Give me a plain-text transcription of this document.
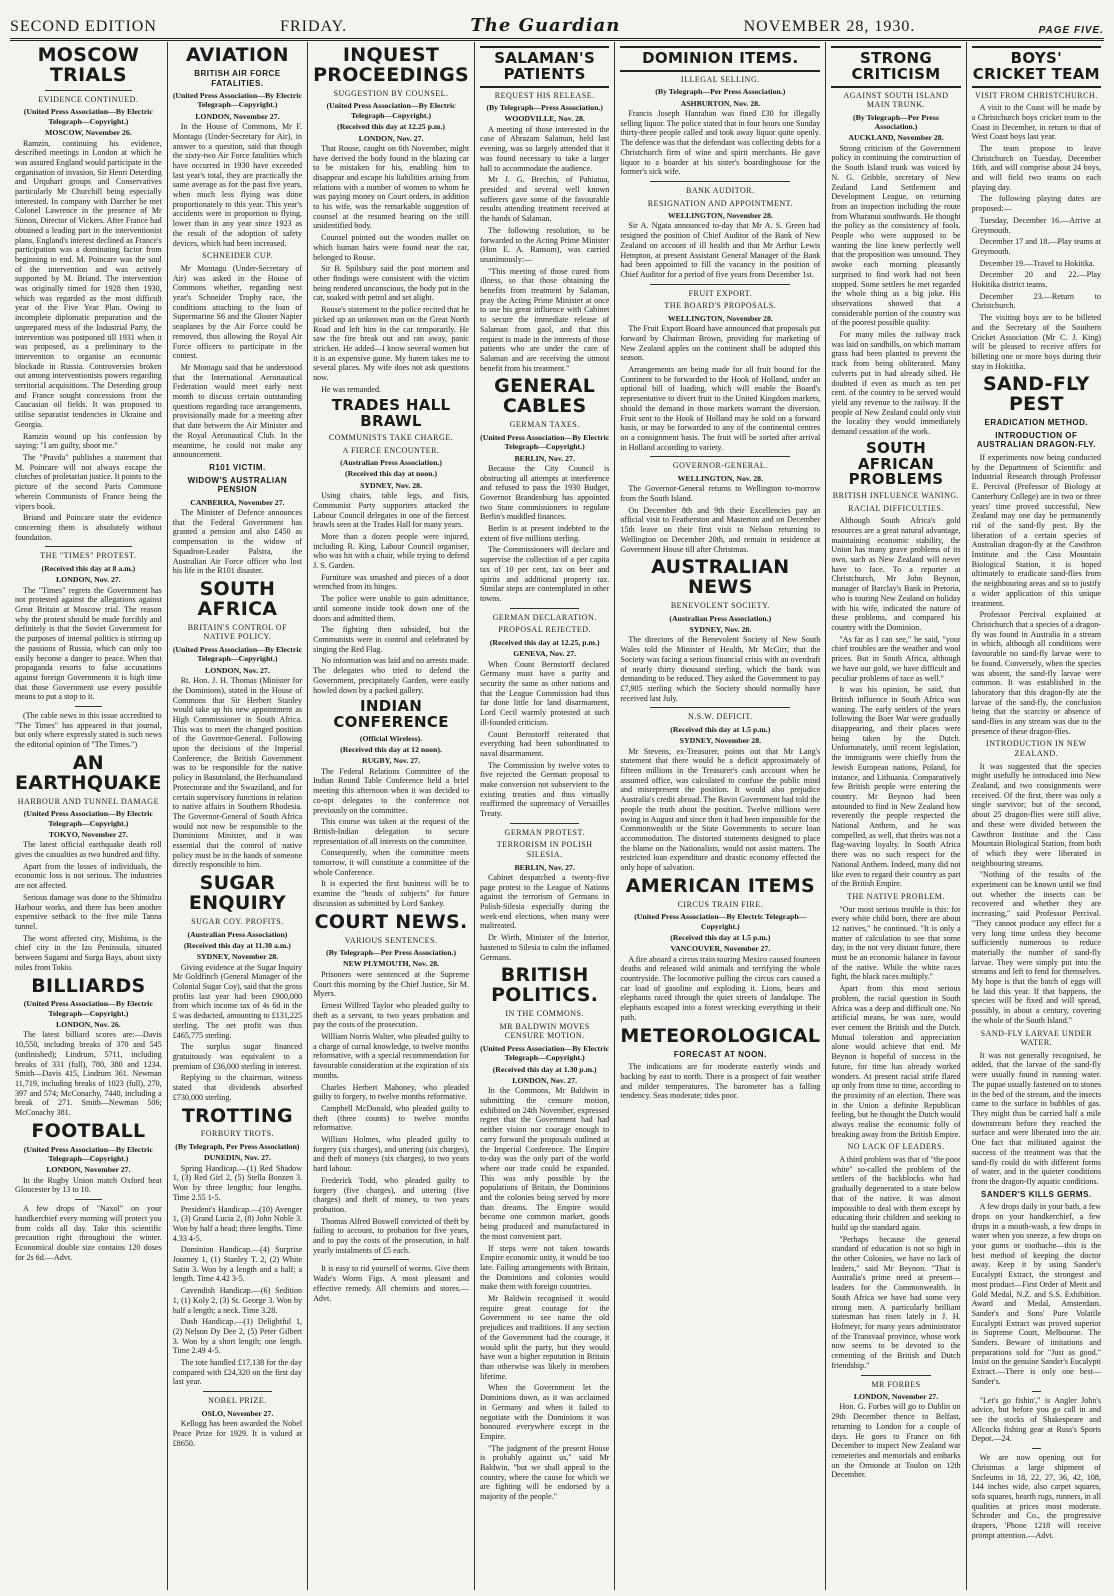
SECOND EDITION	FRIDAY.	The Guardian	NOVEMBER 28, 1930.	PAGE FIVE.
MOSCOW TRIALS
EVIDENCE CONTINUED.
(United Press Association—By Electric Telegraph—Copyright.)
MOSCOW, November 26.

Ramzin, continuing his evidence, described meetings in London at which he was assured England would participate in the organisation of invasion, Sir Henri Deterding and Urquhart groups and Conservatives particularly Mr Churchill being especially interested. In company with Darcher he met Colonel Lawrence in the presence of Mr Simon, Director of Vickers. After France had obtained a leading part in the interventionist plans, England's interest declined as France's participation was a dominating factor from beginning to end. M. Poincare was the soul of the intervention and was actively supported by M. Briand. The intervention was originally timed for 1928 then 1930, which was regarded as the most difficult year of the Five Year Plan. Owing to incomplete diplomatic preparation and the unprepared mess of the Industrial Party, the intervention was postponed till 1931 when it was proposed, as a preliminary to the intervention to organise an economic blockade in Russia. Controversies broken out among interventionists powers regarding territorial acquisitions. The Deterding group and France sought concessions from the Caucasian oil fields. It was proposed to utilise separatist tendencies in Ukraine and Georgia.

Ramzin wound up his confession by saying: "I am guilty, shoot me."

The "Pravda" publishes a statement that M. Poincare will not always escape the clutches of proletarian justice. It points to the picture of the second Paris Commune wherein Communists of France being the vipers book.

Briand and Poincare state the evidence concerning them is absolutely without foundation.

THE "TIMES" PROTEST.
(Received this day at 8 a.m.)
LONDON, Nov. 27.

The "Times" regrets the Government has not protested against the allegations against Great Britain at Moscow trial. The reason why the protest should be made forcibly and definitely is that the Soviet Government for the purposes of internal politics is stirring up the passions of Russia, which can only too easily become a danger to peace. When that propaganda resorts to false accusations against foreign Governments it is high time that those Government use every possible means to put a stop to it.

(The cable news in this issue accredited to "The Times" has appeared in that journal, but only where expressly stated is such news the editorial opinion of "The Times.")

AN EARTHQUAKE
HARBOUR AND TUNNEL DAMAGE
(United Press Association—By Electric Telegraph—Copyright.)
TOKYO, November 27.

The latest official earthquake death roll gives the casualties as two hundred and fifty.

Apart from the losses of individuals, the economic loss is not serious. The industries are not affected.

Serious damage was done to the Shimidzu Harbour works, and there has been another expensive setback to the five mile Tanna tunnel.

The worst affected city, Mishima, is the chief city in the Izu Peninsula, situated between Sagami and Surga Bays, about sixty miles from Tokio.

BILLIARDS
(United Press Association—By Electric Telegraph—Copyright.)
LONDON, Nov. 26.

The latest billiard scores are:—Davis 10,550, including breaks of 370 and 545 (unfinished); Lindrum, 5711, including breaks of 331 (full), 780, 380 and 1234. Smith—Davis 415, Lindrum 361. Newman 11,719, including breaks of 1023 (full), 270, 397 and 574; McConachy, 7440, including a break of 271. Smith—Newman 506; McConachy 381.

FOOTBALL
(United Press Association—By Electric Telegraph—Copyright.)
LONDON, November 27.

In the Rugby Union match Oxford beat Gloucester by 13 to 10.

A few drops of "Naxol" on your handkerchief every morning will protect you from colds all day. Take this scientific precaution right throughout the winter. Economical double size contains 120 doses for 2s 6d.—Advt.

AVIATION
BRITISH AIR FORCE FATALITIES.
(United Press Association—By Electric Telegraph—Copyright.)
LONDON, November 27.

In the House of Commons, Mr F. Montagu (Under-Secretary for Air), in answer to a question, said that though the sixty-two Air Force fatalities which have occurred in 1930 have exceeded last year's total, they are practically the same average as for the past five years, when much less flying was done proportionately to this year. This year's accidents were in proportion to flying, lower than in any year since 1923 as the result of the adoption of safety devices, which had been increased.

SCHNEIDER CUP.

Mr Montagu (Under-Secretary of Air) was asked in the House of Commons whether, regarding next year's Schneider Trophy race, the conditions attaching to the loan of Supermarine S6 and the Gloster Napier seaplanes by the Air Force could be removed, thus allowing the Royal Air Force officers to participate in the contest.

Mr Montagu said that he understood that the International Aeronautical Federation would meet early next month to discuss certain outstanding questions regarding race arrangements, provisionally made for a meeting after that date between the Air Minister and the Royal Aeronautical Club. In the meantime, he could not make any announcement.

R101 VICTIM.
WIDOW'S AUSTRALIAN PENSION
CANBERRA, November 27.

The Minister of Defence announces that the Federal Government has granted a pension and also £450 as compensation to the widow of Squadron-Leader Palstra, the Australian Air Force officer who lost his life in the R101 disaster.

SOUTH AFRICA
BRITAIN'S CONTROL OF NATIVE POLICY.
(United Press Association—By Electric Telegraph—Copyright.)
LONDON, Nov. 27.

Rt. Hon. J. H. Thomas (Minister for the Dominions), stated in the House of Commons that Sir Herbert Stanley would take up his new appointment as High Commissioner in South Africa. This was to meet the changed position of the Governor-General. Following upon the decisions of the Imperial Conference, the British Government was to be responsible for the native policy in Basutoland, the Bechuanaland Protectorate and the Swaziland, and for certain supervisory functions in relation to native affairs in Southern Rhodesia. The Governor-General of South Africa would not now be responsible to the Dominions Minister, and it was essential that the control of native policy must be in the hands of someone directly responsible to him.

SUGAR ENQUIRY
SUGAR COY. PROFITS.
(Australian Press Association)
(Received this day at 11.30 a.m.)
SYDNEY, November 28.

Giving evidence at the Sugar Inquiry Mr Goldfinch (General Manager of the Colonial Sugar Coy), said that the gross profits last year had been £900,000 from which income tax of 4s 6d in the £ was deducted, amounting to £131,225 sterling. The net profit was thus £465,775 sterling.

The surplus sugar financed gratuitously was equivalent to a premium of £36,000 sterling in interest.

Replying to the chairman, witness stated that dividends absorbed £730,000 sterling.

TROTTING
FORBURY TROTS.
(By Telegraph, Per Press Association)
DUNEDIN, Nov. 27.

Spring Handicap.—(1) Red Shadow 1, (3) Red Girl 2, (5) Stella Bonzen 3. Won by three lengths; four lengths. Time 2.55 1-5.

President's Handicap.—(10) Avenger 1, (3) Grand Lucia 2, (8) John Noble 3. Won by half a head; three lengths. Time 4.33 4-5.

Dominion Handicap.—(4) Surprise Journey 1, (1) Stanley T. 2, (2) White Satin 3. Won by a length and a half; a length. Time 4.42 3-5.

Cavendish Handicap.—(6) Sedition 1, (1) Koly 2, (3) St. George 3. Won by half a length; a neck. Time 3.28.

Dash Handicap.—(1) Delightful 1, (2) Nelson Dy Dee 2, (5) Peter Gilbert 3. Won by a short length; one length. Time 2.49 4-5.

The tote handled £17,138 for the day compared with £24,320 on the first day last year.

NOBEL PRIZE.
OSLO, November 27.

Kellogg has been awarded the Nobel Peace Prize for 1929. It is valued at £8650.

INQUEST PROCEEDINGS
SUGGESTION BY COUNSEL.
(United Press Association—By Electric Telegraph—Copyright.)
(Received this day at 12.25 p.m.)
LONDON, Nov. 27.

That Rouse, caught on 6th November, might have derived the body found in the blazing car to be mistaken for his, enabling him to disappear and escape his liabilities arising from relations with a number of women to whom he was paying money on Court orders, in addition to his wife, was the remarkable suggestion of counsel at the resumed hearing on the still unidentified body.

Counsel pointed out the wooden mallet on which human hairs were found near the car, belonged to Rouse.

Sir B. Spilsbury said the post mortem and other findings were consistent with the victim being rendered unconscious, the body put in the car, soaked with petrol and set alight.

Rouse's statement to the police recited that he picked up an unknown man on the Great North Road and left him in the car temporarily. He saw the fire break out and ran away, panic stricken. He added—I know several women but it is an expensive game. My harem takes me to several places. My wife does not ask questions now.

He was remanded.

TRADES HALL BRAWL
COMMUNISTS TAKE CHARGE.
A FIERCE ENCOUNTER.
(Australian Press Association.)
(Received this day at noon.)
SYDNEY, Nov. 28.

Using chairs, table legs, and fists, Communist Party supporters attacked the Labour Council delegates in one of the fiercest brawls seen at the Trades Hall for many years.

More than a dozen people were injured, including R. King, Labour Council organiser, who was hit with a chair, while trying to defend J. S. Garden.

Furniture was smashed and pieces of a door wrenched from its hinges.

The police were unable to gain admittance, until someone inside took down one of the doors and admitted them.

The fighting then subsided, but the Communists were in control and celebrated by singing the Red Flag.

No information was laid and no arrests made. The delegates who tried to defend the Government, precipitately Garden, were easily howled down by a packed gallery.

INDIAN CONFERENCE
(Official Wireless).
(Received this day at 12 noon).
RUGBY, Nov. 27.

The Federal Relations Committee of the Indian Round Table Conference held a brief meeting this afternoon when it was decided to co-opt delegates to the conference not previously on the committee.

This course was taken at the request of the British-Indian delegation to secure representation of all interests on the committee.

Consequently, when the committee meets tomorrow, it will constitute a committee of the whole Conference.

It is expected the first business will be to examine the "heads of subjects" for future discussion as submitted by Lord Sankey.

COURT NEWS.
VARIOUS SENTENCES.
(By Telegraph—Per Press Association.)
NEW PLYMOUTH, Nov. 28.

Prisoners were sentenced at the Supreme Court this morning by the Chief Justice, Sir M. Myers.

Ernest Wilfred Taylor who pleaded guilty to theft as a servant, to two years probation and pay the costs of the prosecution.

William Norris Walter, who pleaded guilty to a charge of carnal knowledge, to twelve months reformative, with a special recommendation for favourable consideration at the expiration of six months.

Charles Herbert Mahoney, who pleaded guilty to forgery, to twelve months reformative.

Campbell McDonald, who pleaded guilty to theft (three counts) to twelve months reformative.

William Holmes, who pleaded guilty to forgery (six charges), and uttering (six charges), and theft of moneys (six charges), to two years hard labour.

Frederick Todd, who pleaded guilty to forgery (five charges), and uttering (five charges) and theft of money, to two years probation.

Thomas Alfred Boswell convicted of theft by failing to account, to probation for five years, and to pay the costs of the prosecution, in half yearly instalments of £5 each.

It is easy to rid yourself of worms. Give them Wade's Worm Figs. A most pleasant and effective remedy. All chemists and stores.—Advt.

SALAMAN'S PATIENTS
REQUEST HIS RELEASE.
(By Telegraph—Press Association.)
WOODVILLE, Nov. 28.

A meeting of those interested in the case of Abrazam Salaman, held last evening, was so largely attended that it was found necessary to take a larger hall to accommodate the audience.

Mr J. G. Brechin, of Pahiatua, presided and several well known sufferers gave some of the favourable results attending treatment received at the hands of Salaman.

The following resolution, to be forwarded to the Acting Prime Minister (Hon E. A. Ransom), was carried unanimously:—

"This meeting of those cured from illness, so that those obtaining the benefits from treatment by Salaman, pray the Acting Prime Minister at once to use his great influence with Cabinet to secure the immediate release of Salaman from gaol, and that this request is made in the interests of those patients who are under the care of Salaman and are receiving the utmost benefit from his treatment."

GENERAL CABLES
GERMAN TAXES.
(United Press Association—By Electric Telegraph—Copyright.)
BERLIN, Nov. 27.

Because the City Council is obstructing all attempts at interference and refused to pass the 1930 Budget, Governor Brandenburg has appointed two State commissioners to regulate Berlin's muddled finances.

Berlin is at present indebted to the extent of five millions sterling.

The Commissioners will declare and supervise the collection of a per capita tax of 10 per cent, tax on beer and spirits and additional property tax. Similar steps are contemplated in other towns.

GERMAN DECLARATION.
PROPOSAL REJECTED.
(Received this day at 12.25, p.m.)
GENEVA, Nov. 27.

When Count Bernstorff declared Germany must have a parity and security the same as other nations and that the League Commission had thus far done little for land disarmament, Lord Cecil warmly protested at such ill-founded criticism.

Count Bernstorff reiterated that everything had been subordinated to naval disarmament.

The Commission by twelve votes to five rejected the German proposal to make conversion not subservient to the existing treaties and thus virtually reaffirmed the supremacy of Versailles Treaty.

GERMAN PROTEST.
TERRORISM IN POLISH SILESIA.
BERLIN, Nov. 27.

Cabinet despatched a twenty-five page protest to the League of Nations against the terrorism of Germans in Polish-Silesia especially during the week-end elections, when many were maltreated.

Dr Wirth, Minister of the Interior, hastened to Silesia to calm the inflamed Germans.

BRITISH POLITICS.
IN THE COMMONS.
MR BALDWIN MOVES CENSURE MOTION.
(United Press Association—By Electric Telegraph—Copyright.)
(Received this day at 1.30 p.m.)
LONDON, Nov. 27.

In the Commons, Mr Baldwin in submitting the censure motion, exhibited on 24th November, expressed regret that the Government had had neither vision nor courage enough to carry forward the proposals outlined at the Imperial Conference. The Empire to-day was the only part of the world where our trade could be expanded. This was only possible by the populations of Britain, the Dominions and the colonies being served by more than dreams. The Empire would become one common market, goods being produced and manufactured in the most convenient part.

If steps were not taken towards Empire economic unity, it would be too late. Failing arrangements with Britain, the Dominions and colonies would make them with foreign countries.

Mr Baldwin recognised it would require great courage for the Government to see name the old prejudices and traditions. If any section of the Government had the courage, it would split the party, but they would have won a higher reputation in Britain than otherwise was likely in members lifetime.

When the Government let the Dominions down, as it was acclaimed in Germany and when it failed to negotiate with the Dominions it was honoured everywhere except in the Empire.

"The judgment of the present House is probably against us," said Mr Baldwin, "but we shall appeal to the country, where the cause for which we are fighting will be endorsed by a majority of the people."

DOMINION ITEMS.
ILLEGAL SELLING.
(By Telegraph—Per Press Association.)
ASHBURTON, Nov. 28.

Francis Joseph Hanrahan was fined £30 for illegally selling liquor. The police stated that in four hours one Sunday thirty-three people called and took away liquor quite openly. The defence was that the defendant was collecting debts for a Christchurch firm of wine and spirit merchants. He gave liquor to a boarder at his sister's boardinghouse for the former's sick wife.

BANK AUDITOR.
RESIGNATION AND APPOINTMENT.
WELLINGTON, November 28.

Sir A. Ngata announced to-day that Mr A. S. Green had resigned the position of Chief Auditor of the Bank of New Zealand on account of ill health and that Mr Arthur Lewis Hempton, at present Assistant General Manager of the Bank had been appointed to fill the vacancy in the position of Chief Auditor for a period of five years from December 1st.

FRUIT EXPORT.
THE BOARD'S PROPOSALS.
WELLINGTON, November 28.

The Fruit Export Board have announced that proposals put forward by Chairman Brown, providing for marketing of New Zealand apples on the continent shall be adopted this season.

Arrangements are being made for all fruit bound for the Continent to be forwarded to the Hook of Holland, under an optional bill of loading, which will enable the Board's representative to divert fruit to the United Kingdom markets, should the demand in those markets warrant the diversion. Fruit sent to the Hook of Holland may be sold on a forward basis, or may be forwarded to any of the continental centres on a consignment basis. The fruit will be sorted after arrival in Holland according to variety.

GOVERNOR-GENERAL.
WELLINGTON, Nov. 28.

The Governor-General returns to Wellington to-morrow from the South Island.

On December 8th and 9th their Excellencies pay an official visit to Featherston and Masterton and on December 15th leave on their first visit to Nelson returning to Wellington on December 20th, and remain in residence at Government House till after Christmas.

AUSTRALIAN NEWS
BENEVOLENT SOCIETY.
(Australian Press Association.)
SYDNEY, Nov. 28.

The directors of the Benevolent Society of New South Wales told the Minister of Health, Mr McGirr, that the Society was facing a serious financial crisis with an overdraft of nearly thirty thousand sterling, which the bank was demanding to be reduced. They asked the Government to pay £7,905 sterling which the Society should normally have received last July.

N.S.W. DEFICIT.
(Received this day at 1.5 p.m.)
SYDNEY, November 28.

Mr Stevens, ex-Treasurer, points out that Mr Lang's statement that there would be a deficit approximately of fifteen millions in the Treasurer's cash account when he assumed office, was calculated to confuse the public mind and misrepresent the position. It would also prejudice Australia's credit abroad. The Bavin Government had told the people the truth about the position. Twelve millions were owing in August and since then it had been impossible for the Commonwealth or the State Governments to secure loan accommodation. The distorted statements designed to place the blame on the Nationalists, would not assist matters. The restricted loan expenditure and drastic economy effected the only hope of salvation.

AMERICAN ITEMS
CIRCUS TRAIN FIRE.
(United Press Association—By Electric Telegraph—Copyright.)
(Received this day at 1.5 p.m.)
VANCOUVER, November 27.

A fire aboard a circus train touring Mexico caused fourteen deaths and released wild animals and terrifying the whole countryside. The locomotive pulling the circus cars caused a car load of gasoline and exploding it. Lions, bears and elephants raced through the quiet streets of Jandalupe. The elephants escaped into a forest wrecking everything in their path.

METEOROLOGICAL
FORECAST AT NOON.

The indications are for moderate easterly winds and backing by east to north. There is a prospect of fair weather and milder temperatures. The barometer has a falling tendency. Seas moderate; tides poor.

STRONG CRITICISM
AGAINST SOUTH ISLAND MAIN TRUNK.
(By Telegraph—Per Press Association.)
AUCKLAND, November 28.

Strong criticism of the Government policy in continuing the construction of the South Island trunk was voiced by N. G. Gribble, secretary of New Zealand Land Settlement and Development League, on returning from an inspection including the route from Wharanui southwards. He thought the policy as the consistency of fools. People who were supposed to be wanting the line knew perfectly well that the proposition was unsound. They awoke each morning pleasantly surprised to find work had not been stopped. Some settlers he met regarded the whole thing as a big joke. His observations showed that a considerable portion of the country was of the poorest possible quality.

For many miles the railway track was laid on sandhills, on which marram grass had been planted to prevent the track from being obliterated. Many culverts put in had already silted. He doubted if even as much as ten per cent. of the country to be served would yield any revenue to the railway. If the people of New Zealand could only visit the locality they would immediately demand cessation of the work.

SOUTH AFRICAN PROBLEMS
BRITISH INFLUENCE WANING.
RACIAL DIFFICULTIES.

Although South Africa's gold resources are a great natural advantage, maintaining economic stability, the Union has many grave problems of its own, such as New Zealand will never have to face. To a reporter at Christchurch, Mr John Beynon, manager of Barclay's Bank in Pretoria, who is touring New Zealand on holiday with his wife, indicated the nature of these problems, and compared his country with the Dominion.

"As far as I can see," he said, "your chief troubles are the weather and wool prices. But in South Africa, although we have our gold, we have difficult and peculiar problems of race as well."

It was his opinion, he said, that British influence in South Africa was waning. The early settlers of the years following the Boer War were gradually disappearing, and their places were being taken by the Dutch. Unfortunately, until recent legislation, the immigrants were chiefly from the Jewish European nations, Poland, for instance, and Lithuania. Comparatively few British people were entering the country. Mr Beynon had been astounded to find in New Zealand how reverently the people respected the National Anthem, and he was compelled, as well, that theirs was not a flag-waving loyalty. In South Africa there was no such respect for the National Anthem. Indeed, many did not like even to regard their country as part of the British Empire.

THE NATIVE PROBLEM.

"Our most serious trouble is this: for every white child born, there are about 12 natives," he continued. "It is only a matter of calculation to see that some day, in the not very distant future, there must be an economic balance in favour of the native. While the white races fight, the black races multiply."

Apart from this most serious problem, the racial question in South Africa was a deep and difficult one. No artificial means, he was sure, would ever cement the British and the Dutch. Mutual toleration and appreciation alone would achieve that end. Mr Beynon is hopeful of success in the future, for time has already worked wonders. At present racial strife flared up only from time to time, according to the proximity of an election. There was in the Union a definite Republican feeling, but he thought the Dutch would always realise the economic folly of breaking away from the British Empire.

NO LACK OF LEADERS.

A third problem was that of "the poor white" so-called the problem of the settlers of the backblocks who had gradually degenerated to a state below that of the native. It was almost impossible to deal with them except by educating their children and seeking to build up the standard again.

"Perhaps because the general standard of education is not so high in the other Colonies, we have no lack of leaders," said Mr Beynon. "That is Australia's prime need at present—leaders for the Commonwealth. In South Africa we have had some very strong men. A particularly brilliant statesman has risen lately in J. H. Hofmeyr, for many years administrator of the Transvaal province, whose work now seems to be devoted to the cementing of the British and Dutch friendship."

MR FORBES
LONDON, November 27.

Hon. G. Forbes will go to Dublin on 29th December thence to Belfast, returning to London for a couple of days. He goes to France on 6th December to inspect New Zealand war cemeteries and memorials and embarks on the Ormonde at Toulon on 12th December.

BOYS' CRICKET TEAM
VISIT FROM CHRISTCHURCH.

A visit to the Coast will be made by a Christchurch boys cricket team to the Coast in December, in return to that of West Coast boys last year.

The team propose to leave Christchurch on Tuesday, December 16th, and will comprise about 24 boys, and will field two teams on each playing day.

The following playing dates are proposed:—

Tuesday, December 16.—Arrive at Greymouth.

December 17 and 18.—Play teams at Greymouth.

December 19.—Travel to Hokitika.

December 20 and 22.—Play Hokitika district teams.

December 23.—Return to Christchurch.

The visiting boys are to be billeted and the Secretary of the Southern Cricket Association (Mr C. J. King) will be pleased to receive offers for billeting one or more boys during their stay in Hokitika.

SAND-FLY PEST
ERADICATION METHOD.
INTRODUCTION OF AUSTRALIAN DRAGON-FLY.

If experiments now being conducted by the Department of Scientific and Industrial Research through Professor E. Percival (Professor of Biology at Canterbury College) are in two or three years' time proved successful, New Zealand may one day be permanently rid of the sand-fly pest. By the liberation of a certain species of Australian dragon-fly at the Cawthron Institute and the Cass Mountain Biological Station, it is hoped ultimately to eradicate sand-flies from the neighbouring areas and so to justify a wider application of this unique treatment.

Professor Percival explained at Christchurch that a species of a dragon-fly was found in Australia in a stream in which, although all conditions were favourable no sand-fly larvae were to be found. Conversely, when the species was absent, the sand-fly larvae were common. It was established in the laboratory that this dragon-fly ate the larvae of the sand-fly, the conclusion being that the scarcity or absence of sand-flies in any stream was due to the presence of these dragon-flies.

INTRODUCTION IN NEW ZEALAND.

It was suggested that the species might usefully be introduced into New Zealand, and two consignments were received. Of the first, there was only a single survivor; but of the second, about 25 dragon-flies were still alive, and these were divided between the Cawthron Institute and the Cass Mountain Biological Station, from both of which they were liberated in neighbouring streams.

"Nothing of the results of the experiment can be known until we find out whether the insects can be recovered and whether they are increasing," said Professor Percival. "They cannot produce any effect for a very long time unless they become sufficiently numerous to reduce materially the number of sand-fly larvae. They were simply put into the streams and left to fend for themselves. My hope is that the batch of eggs will be laid this year. If that happens, the species will be fixed and will spread, possibly, in about a century, covering the whole of the South Island."

SAND-FLY LARVAE UNDER WATER.

It was not generally recognised, he added, that the larvae of the sand-fly were usually found in running water. The pupae usually fastened on to stones in the bed of the stream, and the insects came to the surface in bubbles of gas. They might thus be carried half a mile downstream before they reached the surface and were liberated into the air. One fact that militated against the success of the treatment was that the sand-fly could do with different forms of water, and in the quieter conditions from the dragon-fly aquatic conditions.

SANDER'S KILLS GERMS.

A few drops daily in your bath, a few drops on your handkerchief, a few drops in a mouth-wash, a few drops in water when you sneeze, a few drops on your gums or toothache—this is the best method of keeping the doctor away. Keep it by using Sander's Eucalypti Extract, the strongest and most product—First Order of Merit and Gold Medal, N.Z. and S.S. Exhibition. Award and Medal, Amsterdam. Sander's and Sons' Pure Volatile Eucalypti Extract was proved superior in Supreme Court, Melbourne. The Sanders. Beware of imitations and preparations sold for "Just as good." Insist on the genuine Sander's Eucalypti Extract.—There is only one best—Sander's.

"Let's go fishin'," is Angler John's advice, but before you go call in and see the stocks of Shakespeare and Allcocks fishing gear at Russ's Sports Depot.—24.

We are now opening out for Christmas a large shipment of Sncleums in 18, 22, 27, 36, 42, 108, 144 inches wide, also carpet squares, sofa squares, hearth rugs, runners, in all qualities at prices most moderate. Schroder and Co., the progressive drapers, 'Phone 1218 will receive prompt attention.—Advt.
